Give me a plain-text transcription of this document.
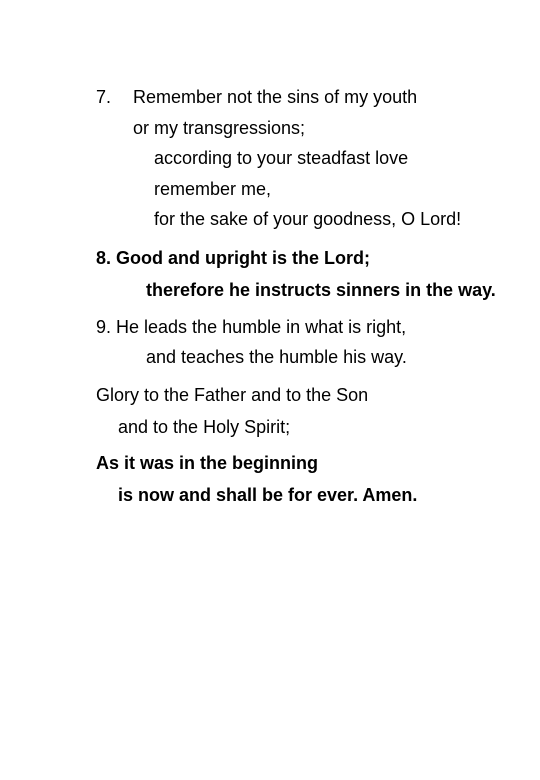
7. Remember not the sins of my youth
or my transgressions;
according to your steadfast love
remember me,
for the sake of your goodness, O Lord!
8. Good and upright is the Lord;
therefore he instructs sinners in the way.
9. He leads the humble in what is right,
and teaches the humble his way.
Glory to the Father and to the Son
and to the Holy Spirit;
As it was in the beginning
is now and shall be for ever. Amen.
